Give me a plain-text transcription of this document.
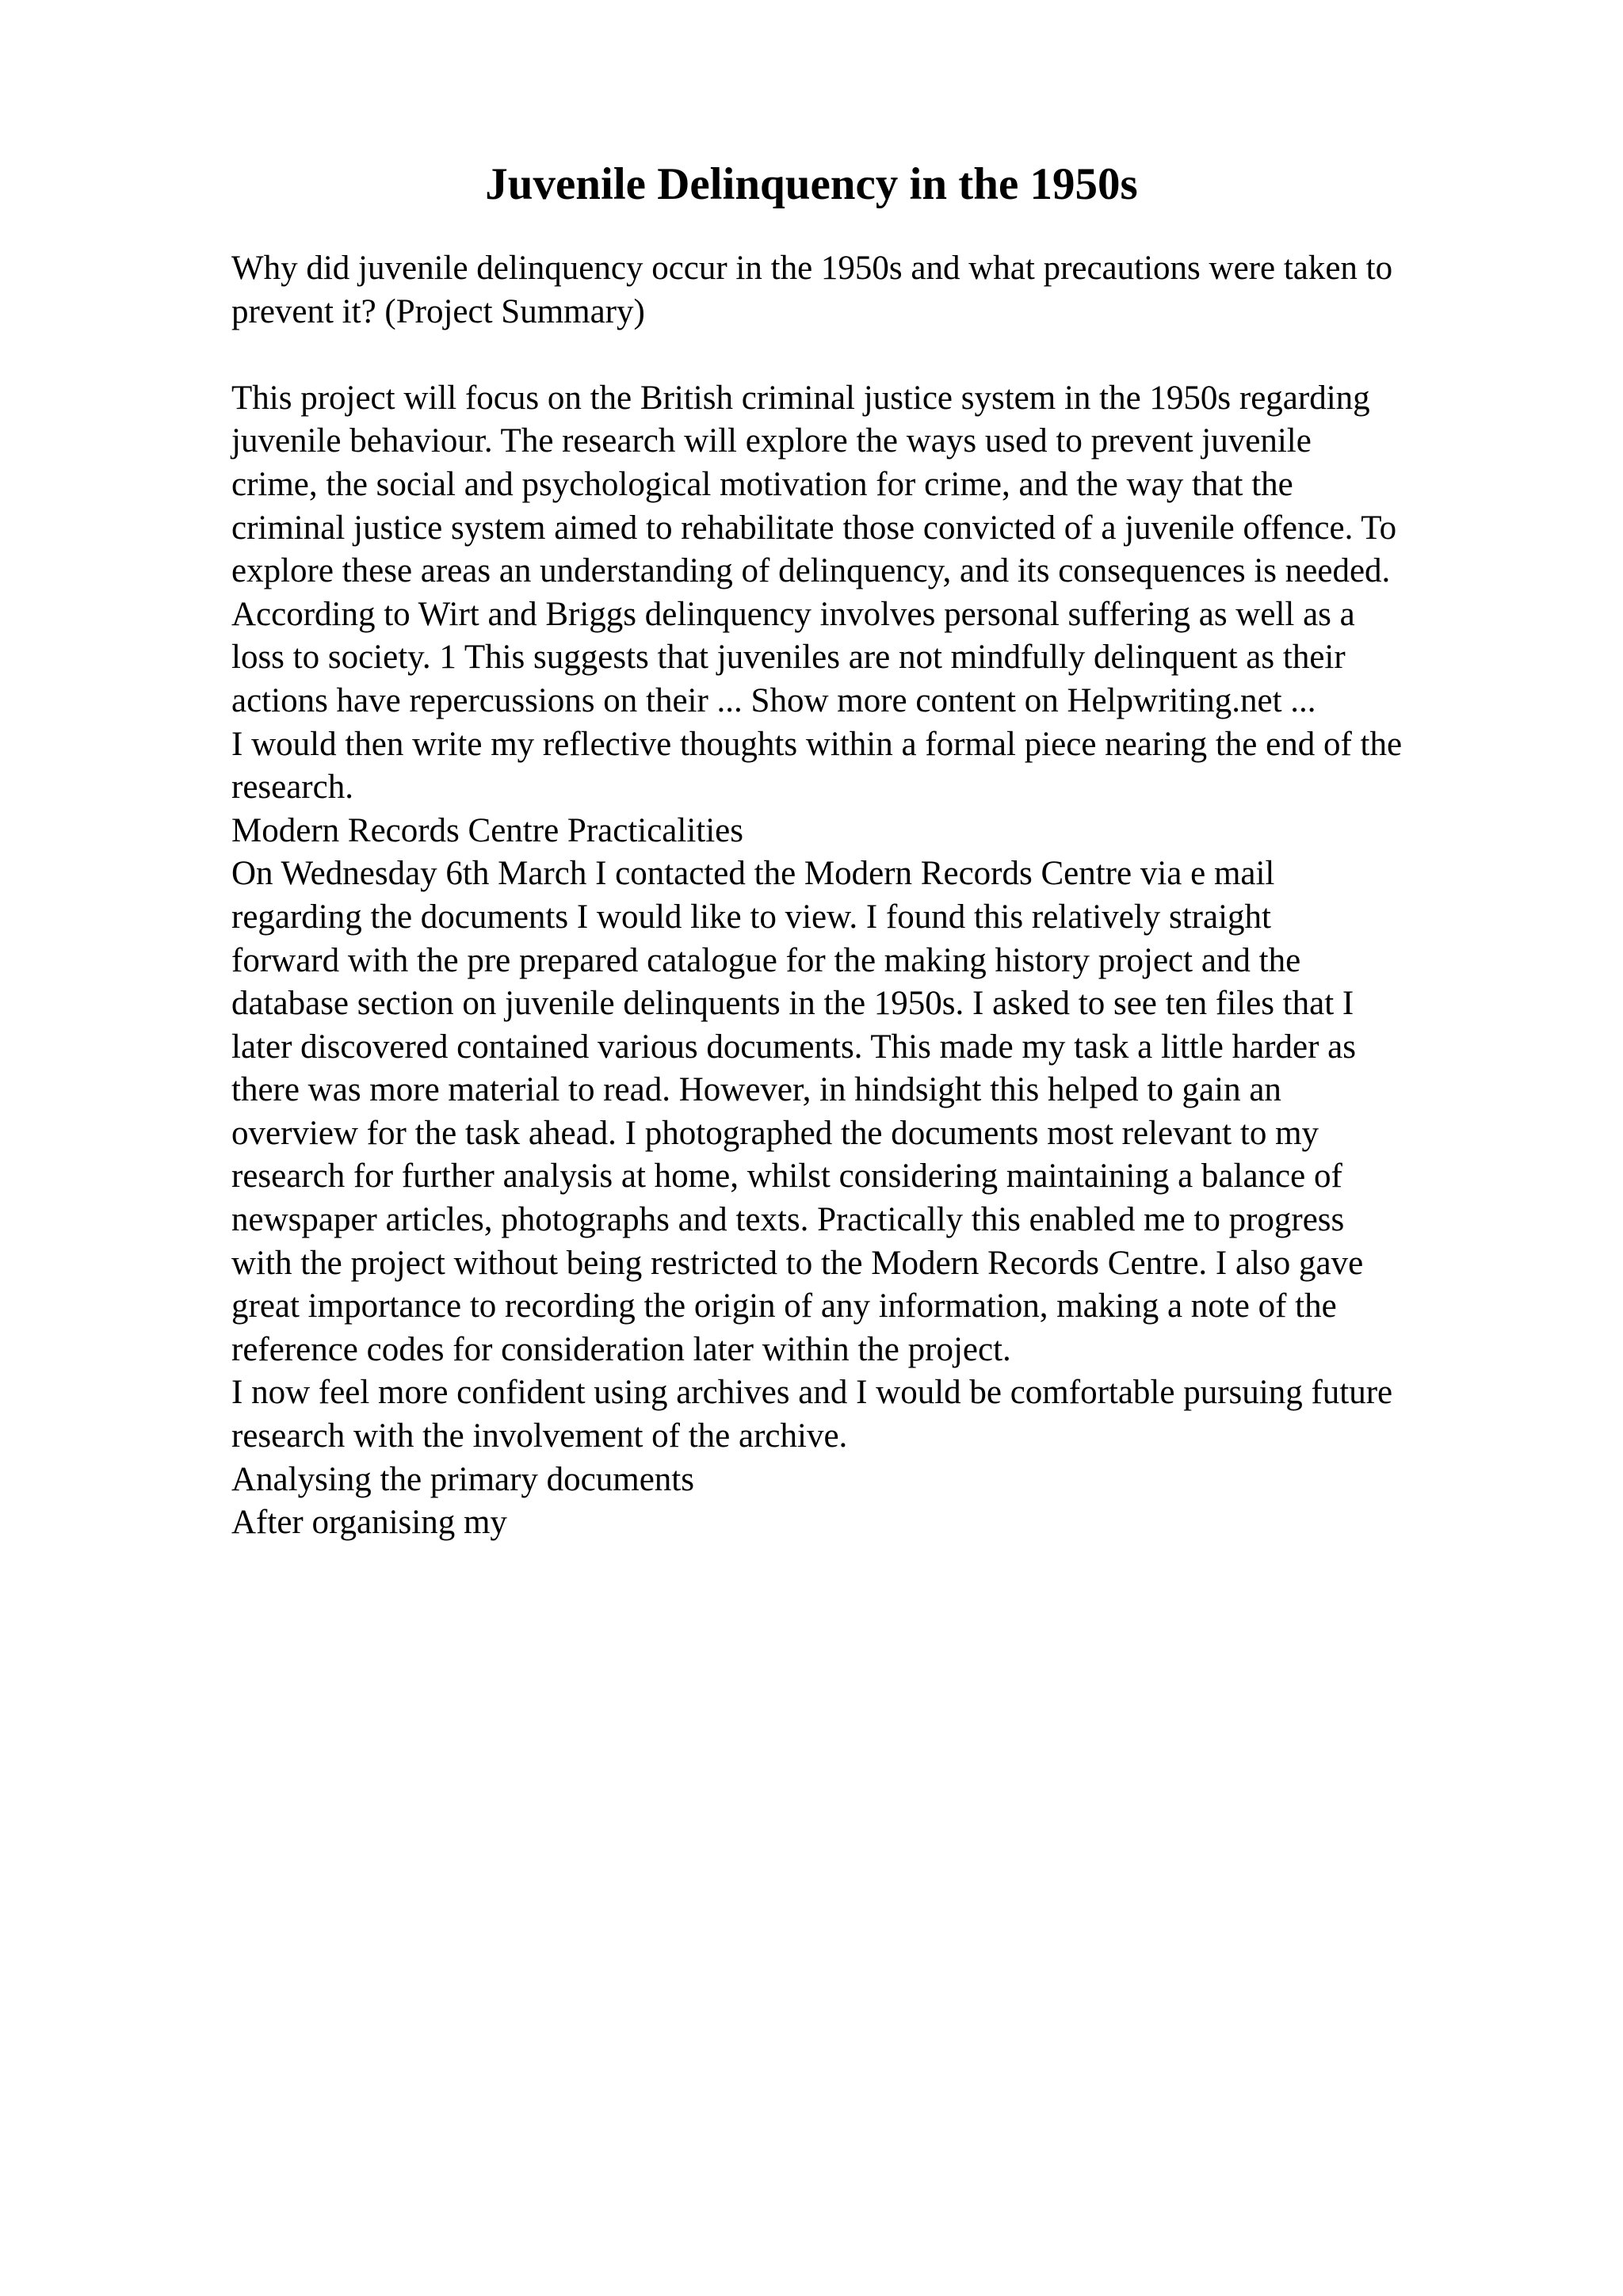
Juvenile Delinquency in the 1950s
Why did juvenile delinquency occur in the 1950s and what precautions were taken to
prevent it? (Project Summary)
This project will focus on the British criminal justice system in the 1950s regarding
juvenile behaviour. The research will explore the ways used to prevent juvenile
crime, the social and psychological motivation for crime, and the way that the
criminal justice system aimed to rehabilitate those convicted of a juvenile offence. To
explore these areas an understanding of delinquency, and its consequences is needed.
According to Wirt and Briggs delinquency involves personal suffering as well as a
loss to society. 1 This suggests that juveniles are not mindfully delinquent as their
actions have repercussions on their ... Show more content on Helpwriting.net ...
I would then write my reflective thoughts within a formal piece nearing the end of the
research.
Modern Records Centre Practicalities
On Wednesday 6th March I contacted the Modern Records Centre via e mail
regarding the documents I would like to view. I found this relatively straight
forward with the pre prepared catalogue for the making history project and the
database section on juvenile delinquents in the 1950s. I asked to see ten files that I
later discovered contained various documents. This made my task a little harder as
there was more material to read. However, in hindsight this helped to gain an
overview for the task ahead. I photographed the documents most relevant to my
research for further analysis at home, whilst considering maintaining a balance of
newspaper articles, photographs and texts. Practically this enabled me to progress
with the project without being restricted to the Modern Records Centre. I also gave
great importance to recording the origin of any information, making a note of the
reference codes for consideration later within the project.
I now feel more confident using archives and I would be comfortable pursuing future
research with the involvement of the archive.
Analysing the primary documents
After organising my
